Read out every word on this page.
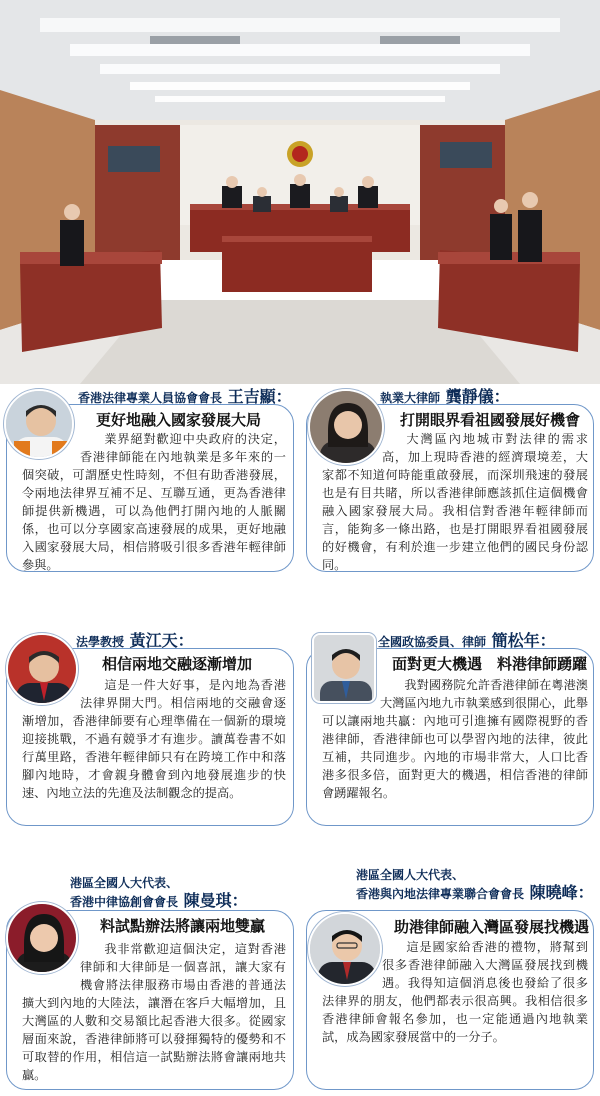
香港法律專業人員協會會長 王吉顯：
更好地融入國家發展大局
執業大律師 龔靜儀：
打開眼界看祖國發展好機會
法學教授 黃江天：
相信兩地交融逐漸增加
全國政協委員、律師 簡松年：
面對更大機遇　料港律師踴躍
港區全國人大代表、
香港中律協創會會長 陳曼琪：
料試點辦法將讓兩地雙贏
港區全國人大代表、
香港與內地法律專業聯合會會長 陳曉峰：
助港律師融入灣區發展找機遇
業界絕對歡迎中央政府的決定，香港律師能在內地執業是多年來的一個突破，可謂歷史性時刻，不但有助香港發展，令兩地法律界互補不足、互聯互通，更為香港律師提供新機遇，可以為他們打開內地的人脈關係，也可以分享國家高速發展的成果，更好地融入國家發展大局，相信將吸引很多香港年輕律師參與。
大灣區內地城市對法律的需求高，加上現時香港的經濟環境差，大家都不知道何時能重啟發展，而深圳飛速的發展也是有目共睹，所以香港律師應該抓住這個機會融入國家發展大局。我相信對香港年輕律師而言，能夠多一條出路，也是打開眼界看祖國發展的好機會，有利於進一步建立他們的國民身份認同。
這是一件大好事，是內地為香港法律界開大門。相信兩地的交融會逐漸增加，香港律師要有心理準備在一個新的環境迎接挑戰，不過有競爭才有進步。讀萬卷書不如行萬里路，香港年輕律師只有在跨境工作中和落腳內地時，才會親身體會到內地發展進步的快速、內地立法的先進及法制觀念的提高。
我對國務院允許香港律師在粵港澳大灣區內地九市執業感到很開心，此舉可以讓兩地共贏：內地可引進擁有國際視野的香港律師，香港律師也可以學習內地的法律，彼此互補，共同進步。內地的市場非常大，人口比香港多很多倍，面對更大的機遇，相信香港的律師會踴躍報名。
我非常歡迎這個決定，這對香港律師和大律師是一個喜訊，讓大家有機會將法律服務市場由香港的普通法擴大到內地的大陸法，讓潛在客戶大幅增加，且大灣區的人數和交易額比起香港大很多。從國家層面來說，香港律師將可以發揮獨特的優勢和不可取替的作用，相信這一試點辦法將會讓兩地共贏。
這是國家給香港的禮物，將幫到很多香港律師融入大灣區發展找到機遇。我得知這個消息後也發給了很多法律界的朋友，他們都表示很高興。我相信很多香港律師會報名參加，也一定能通過內地執業試，成為國家發展當中的一分子。
